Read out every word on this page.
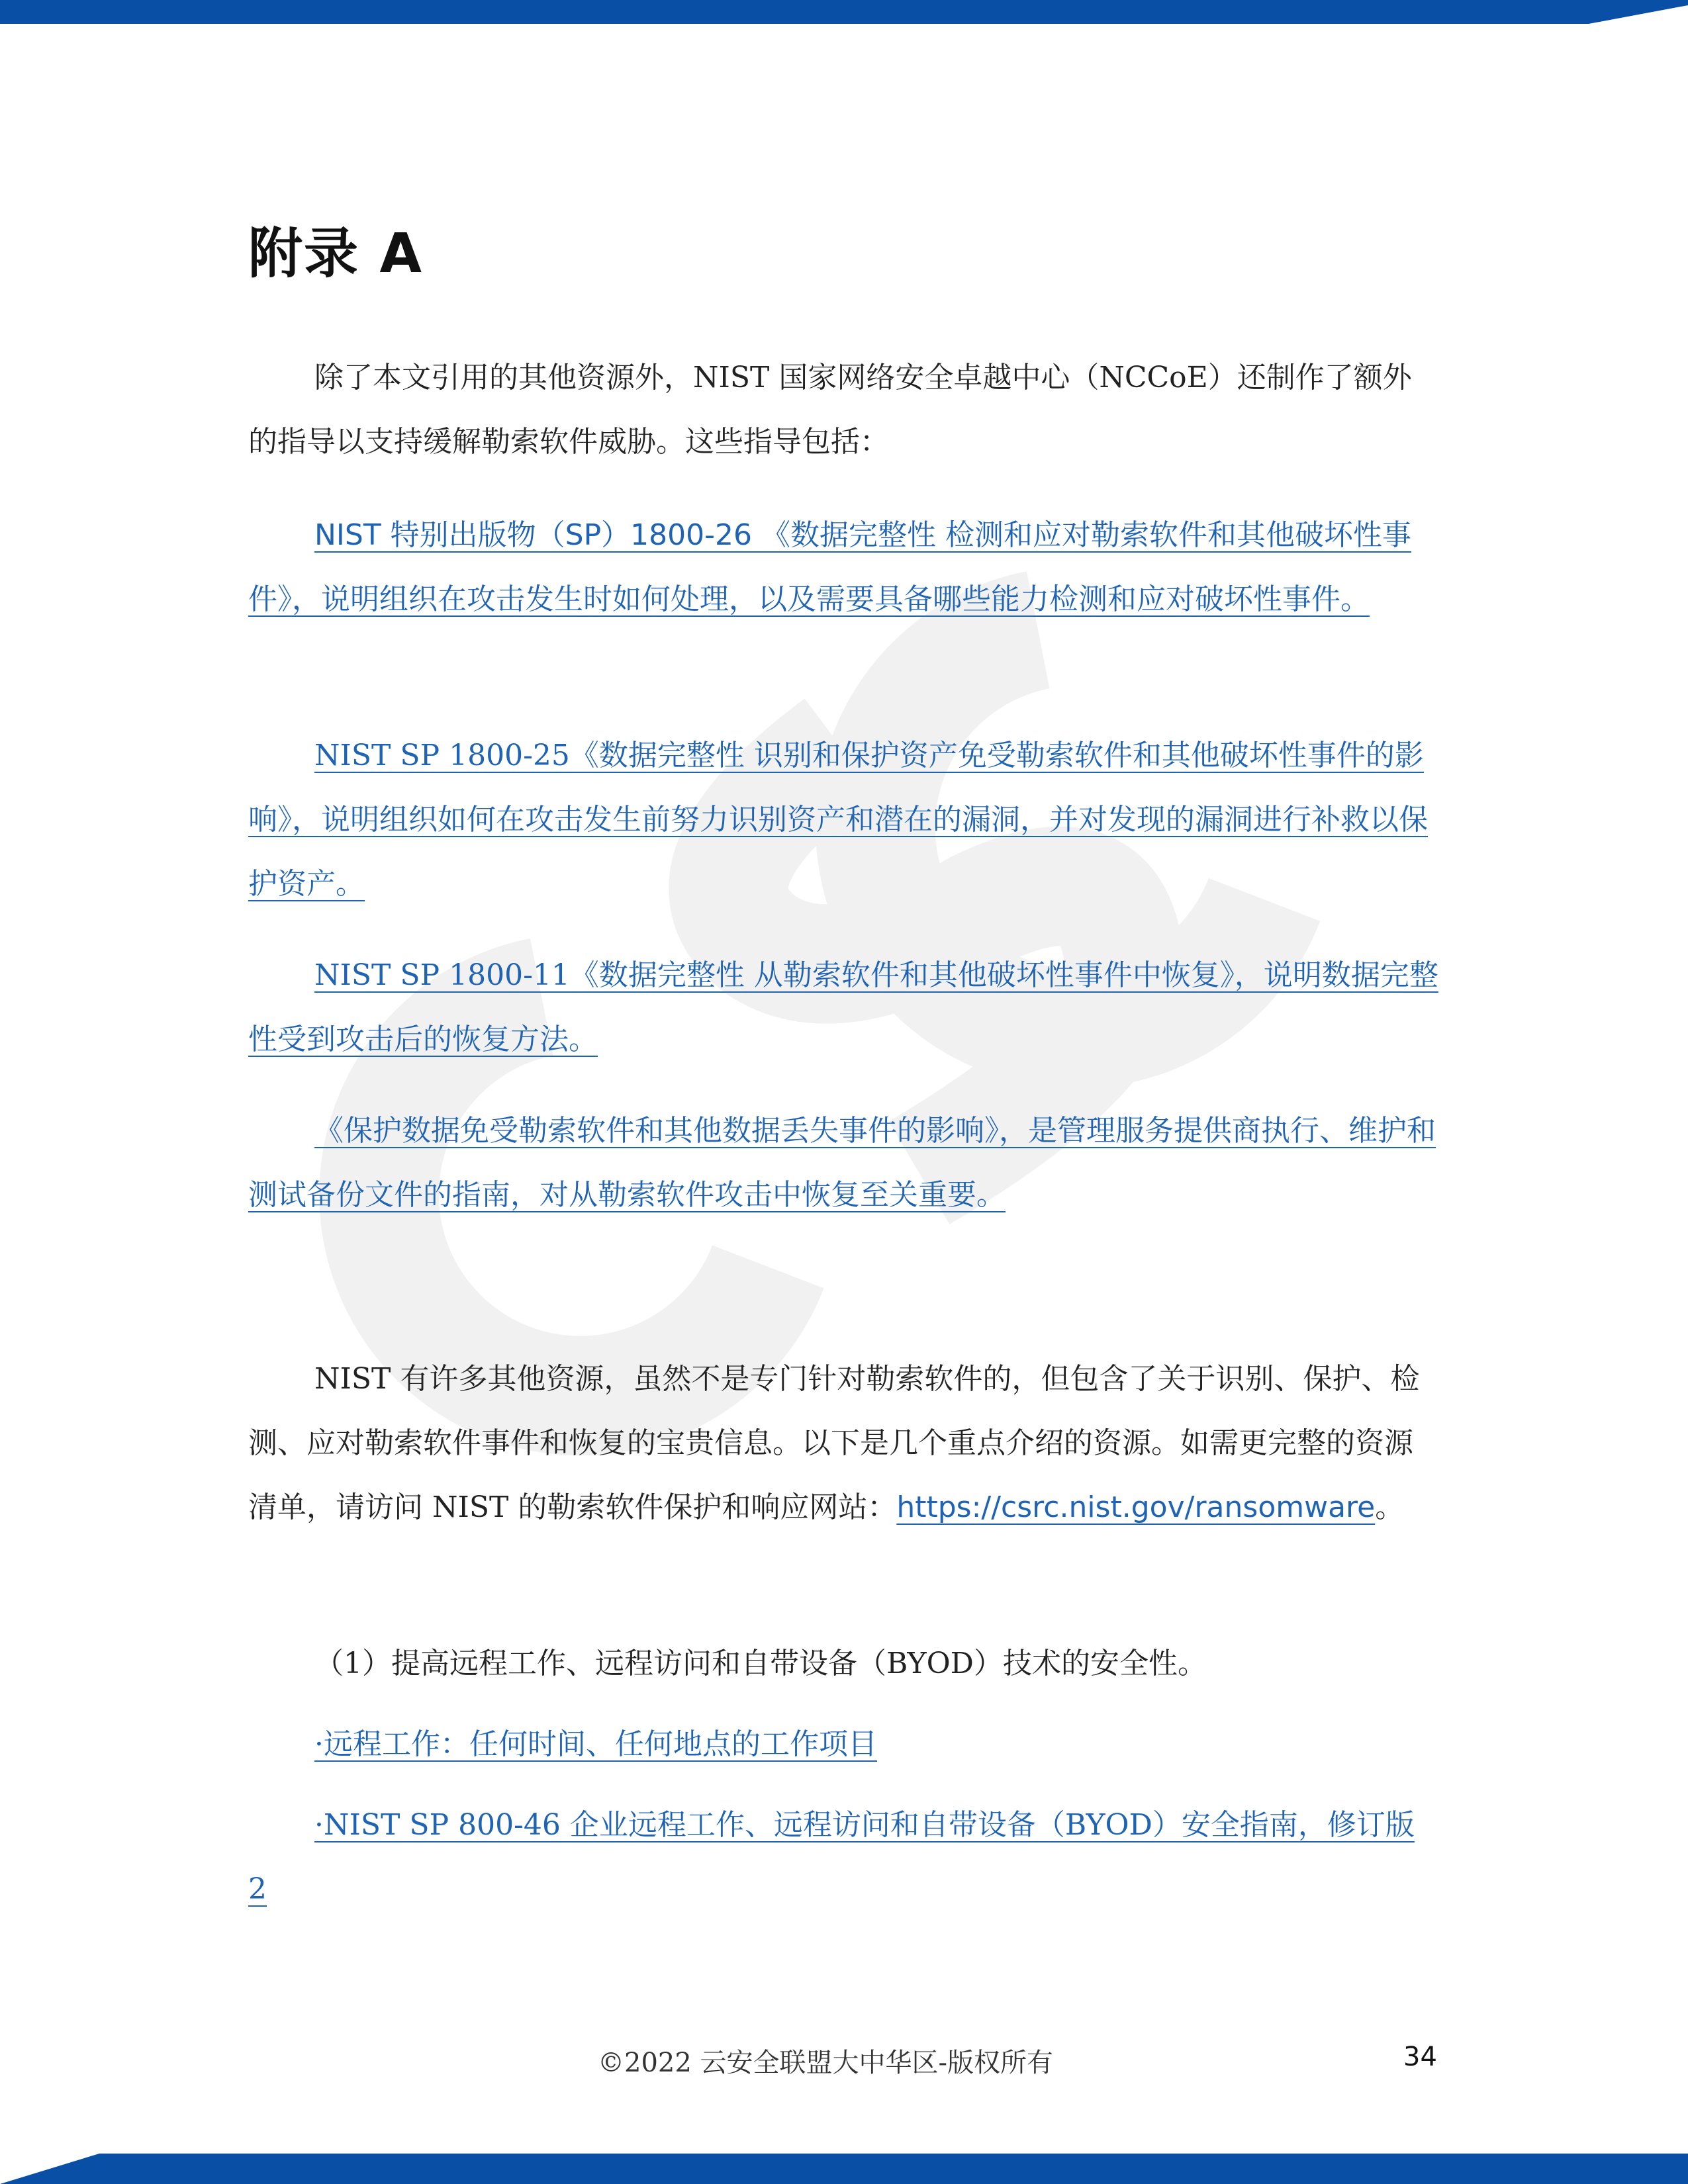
附录 A

除了本文引用的其他资源外，NIST 国家网络安全卓越中心（NCCoE）还制作了额外的指导以支持缓解勒索软件威胁。这些指导包括：

NIST 特别出版物（SP）1800-26 《数据完整性 检测和应对勒索软件和其他破坏性事件》，说明组织在攻击发生时如何处理，以及需要具备哪些能力检测和应对破坏性事件。

NIST SP 1800-25《数据完整性 识别和保护资产免受勒索软件和其他破坏性事件的影响》，说明组织如何在攻击发生前努力识别资产和潜在的漏洞，并对发现的漏洞进行补救以保护资产。

NIST SP 1800-11《数据完整性 从勒索软件和其他破坏性事件中恢复》，说明数据完整性受到攻击后的恢复方法。

《保护数据免受勒索软件和其他数据丢失事件的影响》，是管理服务提供商执行、维护和测试备份文件的指南，对从勒索软件攻击中恢复至关重要。

NIST 有许多其他资源，虽然不是专门针对勒索软件的，但包含了关于识别、保护、检测、应对勒索软件事件和恢复的宝贵信息。以下是几个重点介绍的资源。如需更完整的资源清单，请访问 NIST 的勒索软件保护和响应网站：https://csrc.nist.gov/ransomware。

（1）提高远程工作、远程访问和自带设备（BYOD）技术的安全性。

·远程工作：任何时间、任何地点的工作项目

·NIST SP 800-46 企业远程工作、远程访问和自带设备（BYOD）安全指南，修订版 2

©2022 云安全联盟大中华区-版权所有	34
